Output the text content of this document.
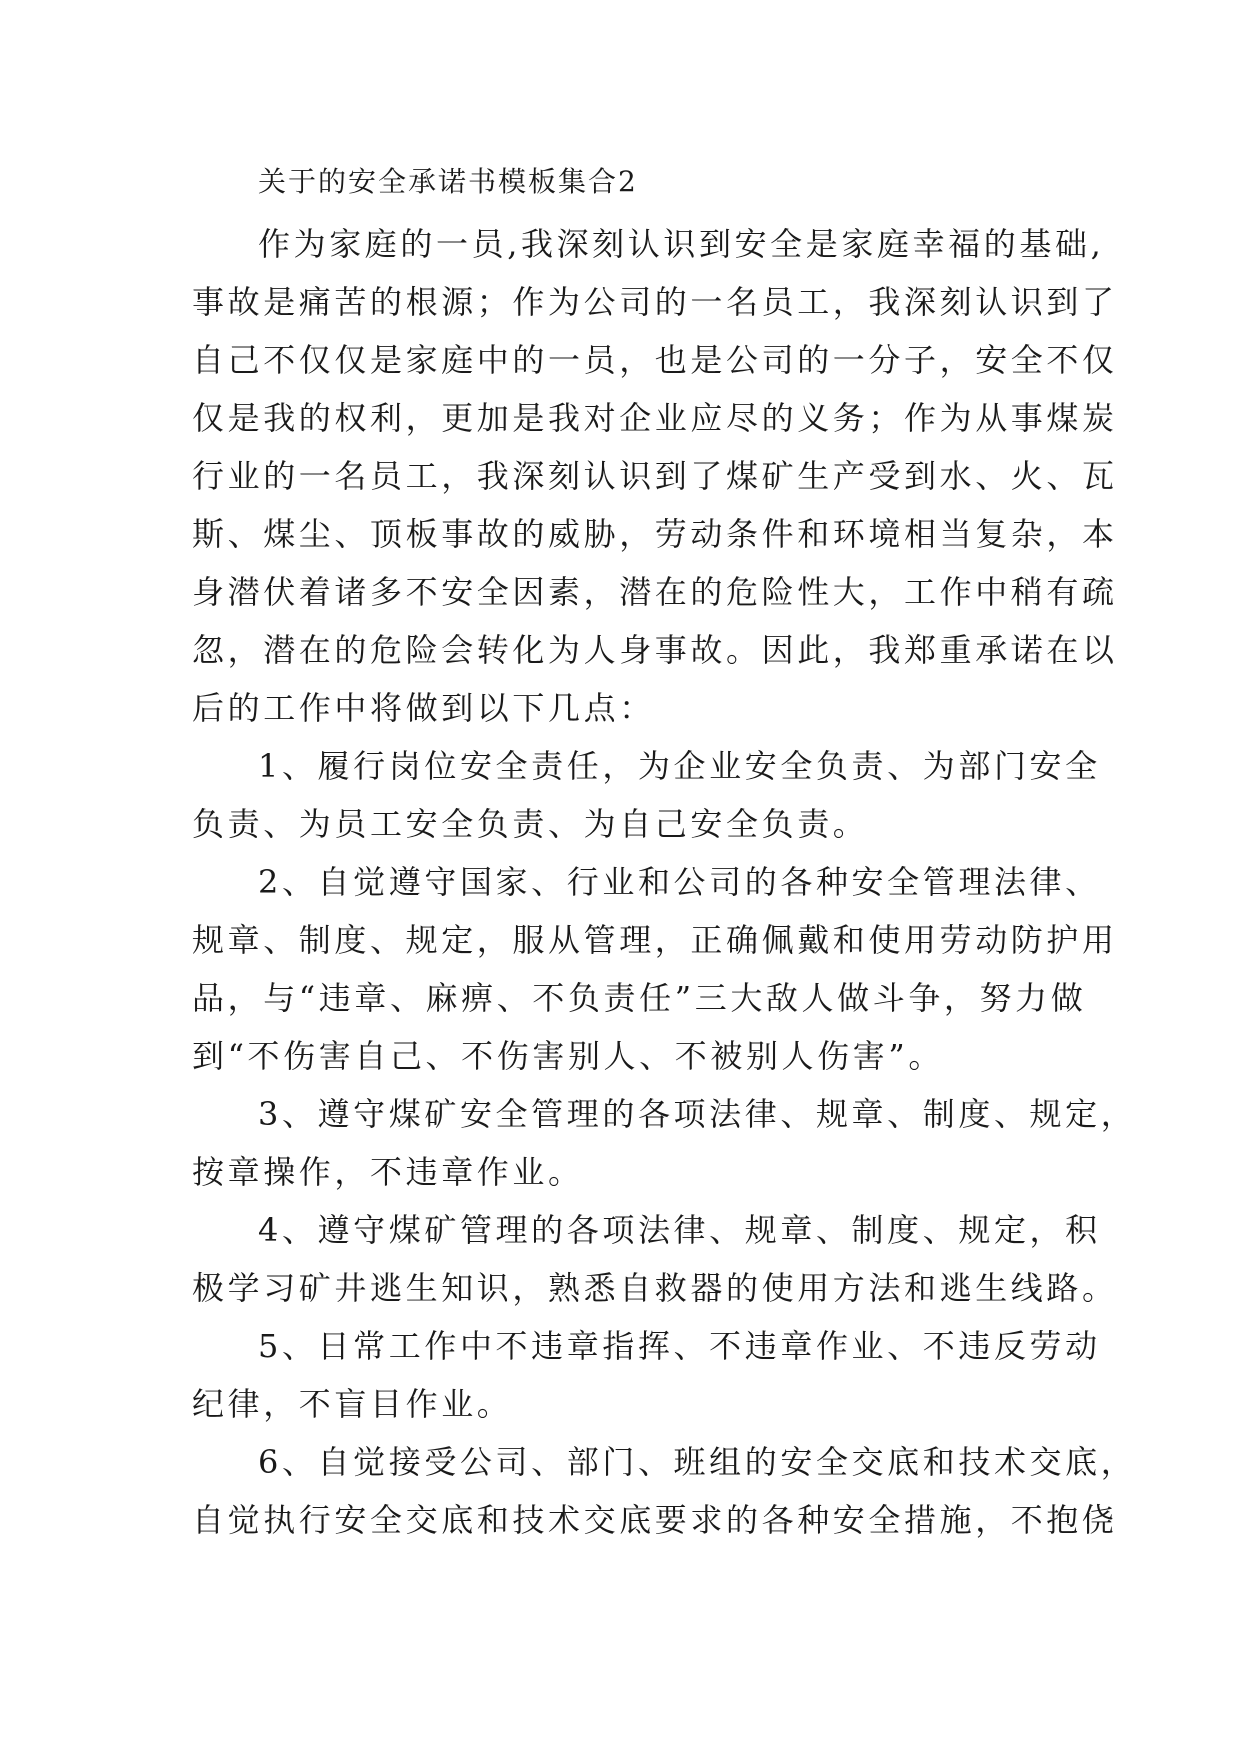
关于的安全承诺书模板集合2
作为家庭的一员,我深刻认识到安全是家庭幸福的基础,
事故是痛苦的根源；作为公司的一名员工，我深刻认识到了
自己不仅仅是家庭中的一员，也是公司的一分子，安全不仅
仅是我的权利，更加是我对企业应尽的义务；作为从事煤炭
行业的一名员工，我深刻认识到了煤矿生产受到水、火、瓦
斯、煤尘、顶板事故的威胁，劳动条件和环境相当复杂，本
身潜伏着诸多不安全因素，潜在的危险性大，工作中稍有疏
忽，潜在的危险会转化为人身事故。因此，我郑重承诺在以
后的工作中将做到以下几点：
1、履行岗位安全责任，为企业安全负责、为部门安全
负责、为员工安全负责、为自己安全负责。
2、自觉遵守国家、行业和公司的各种安全管理法律、
规章、制度、规定，服从管理，正确佩戴和使用劳动防护用
品，与“违章、麻痹、不负责任”三大敌人做斗争，努力做
到“不伤害自己、不伤害别人、不被别人伤害”。
3、遵守煤矿安全管理的各项法律、规章、制度、规定，
按章操作，不违章作业。
4、遵守煤矿管理的各项法律、规章、制度、规定，积
极学习矿井逃生知识，熟悉自救器的使用方法和逃生线路。
5、日常工作中不违章指挥、不违章作业、不违反劳动
纪律，不盲目作业。
6、自觉接受公司、部门、班组的安全交底和技术交底，
自觉执行安全交底和技术交底要求的各种安全措施，不抱侥
